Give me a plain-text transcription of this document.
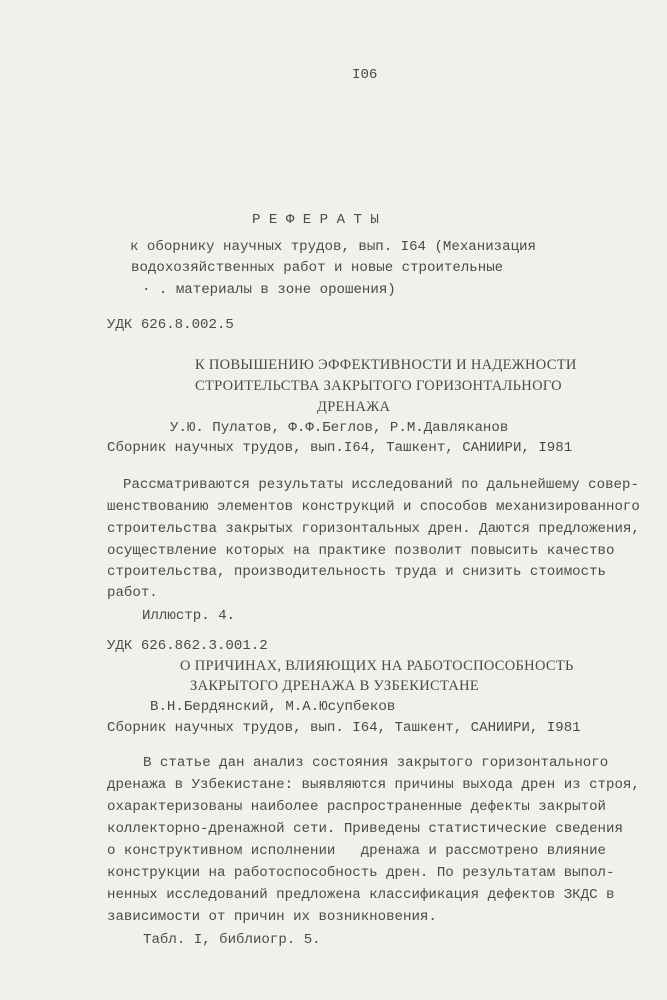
I06
Р Е Ф Е Р А Т Ы
к оборнику научных трудов, вып. I64 (Механизация
водохозяйственных работ и новые строительные
· . материалы в зоне орошения)
УДК 626.8.002.5
К ПОВЫШЕНИЮ ЭФФЕКТИВНОСТИ И НАДЕЖНОСТИ
СТРОИТЕЛЬСТВА ЗАКРЫТОГО ГОРИЗОНТАЛЬНОГО
ДРЕНАЖА
У.Ю. Пулатов, Ф.Ф.Беглов, Р.М.Давляканов
Сборник научных трудов, вып.I64, Ташкент, САНИИРИ, I981
Рассматриваются результаты исследований по дальнейшему совер-
шенствованию элементов конструкций и способов механизированного
строительства закрытых горизонтальных дрен. Даются предложения,
осуществление которых на практике позволит повысить качество
строительства, производительность труда и снизить стоимость
работ.
Иллюстр. 4.
УДК 626.862.3.001.2
О ПРИЧИНАХ, ВЛИЯЮЩИХ НА РАБОТОСПОСОБНОСТЬ
ЗАКРЫТОГО ДРЕНАЖА В УЗБЕКИСТАНЕ
В.Н.Бердянский, М.А.Юсупбеков
Сборник научных трудов, вып. I64, Ташкент, САНИИРИ, I981
В статье дан анализ состояния закрытого горизонтального
дренажа в Узбекистане: выявляются причины выхода дрен из строя,
охарактеризованы наиболее распространенные дефекты закрытой
коллекторно-дренажной сети. Приведены статистические сведения
о конструктивном исполнении   дренажа и рассмотрено влияние
конструкции на работоспособность дрен. По результатам выпол-
ненных исследований предложена классификация дефектов ЗКДС в
зависимости от причин их возникновения.
Табл. I, библиогр. 5.
